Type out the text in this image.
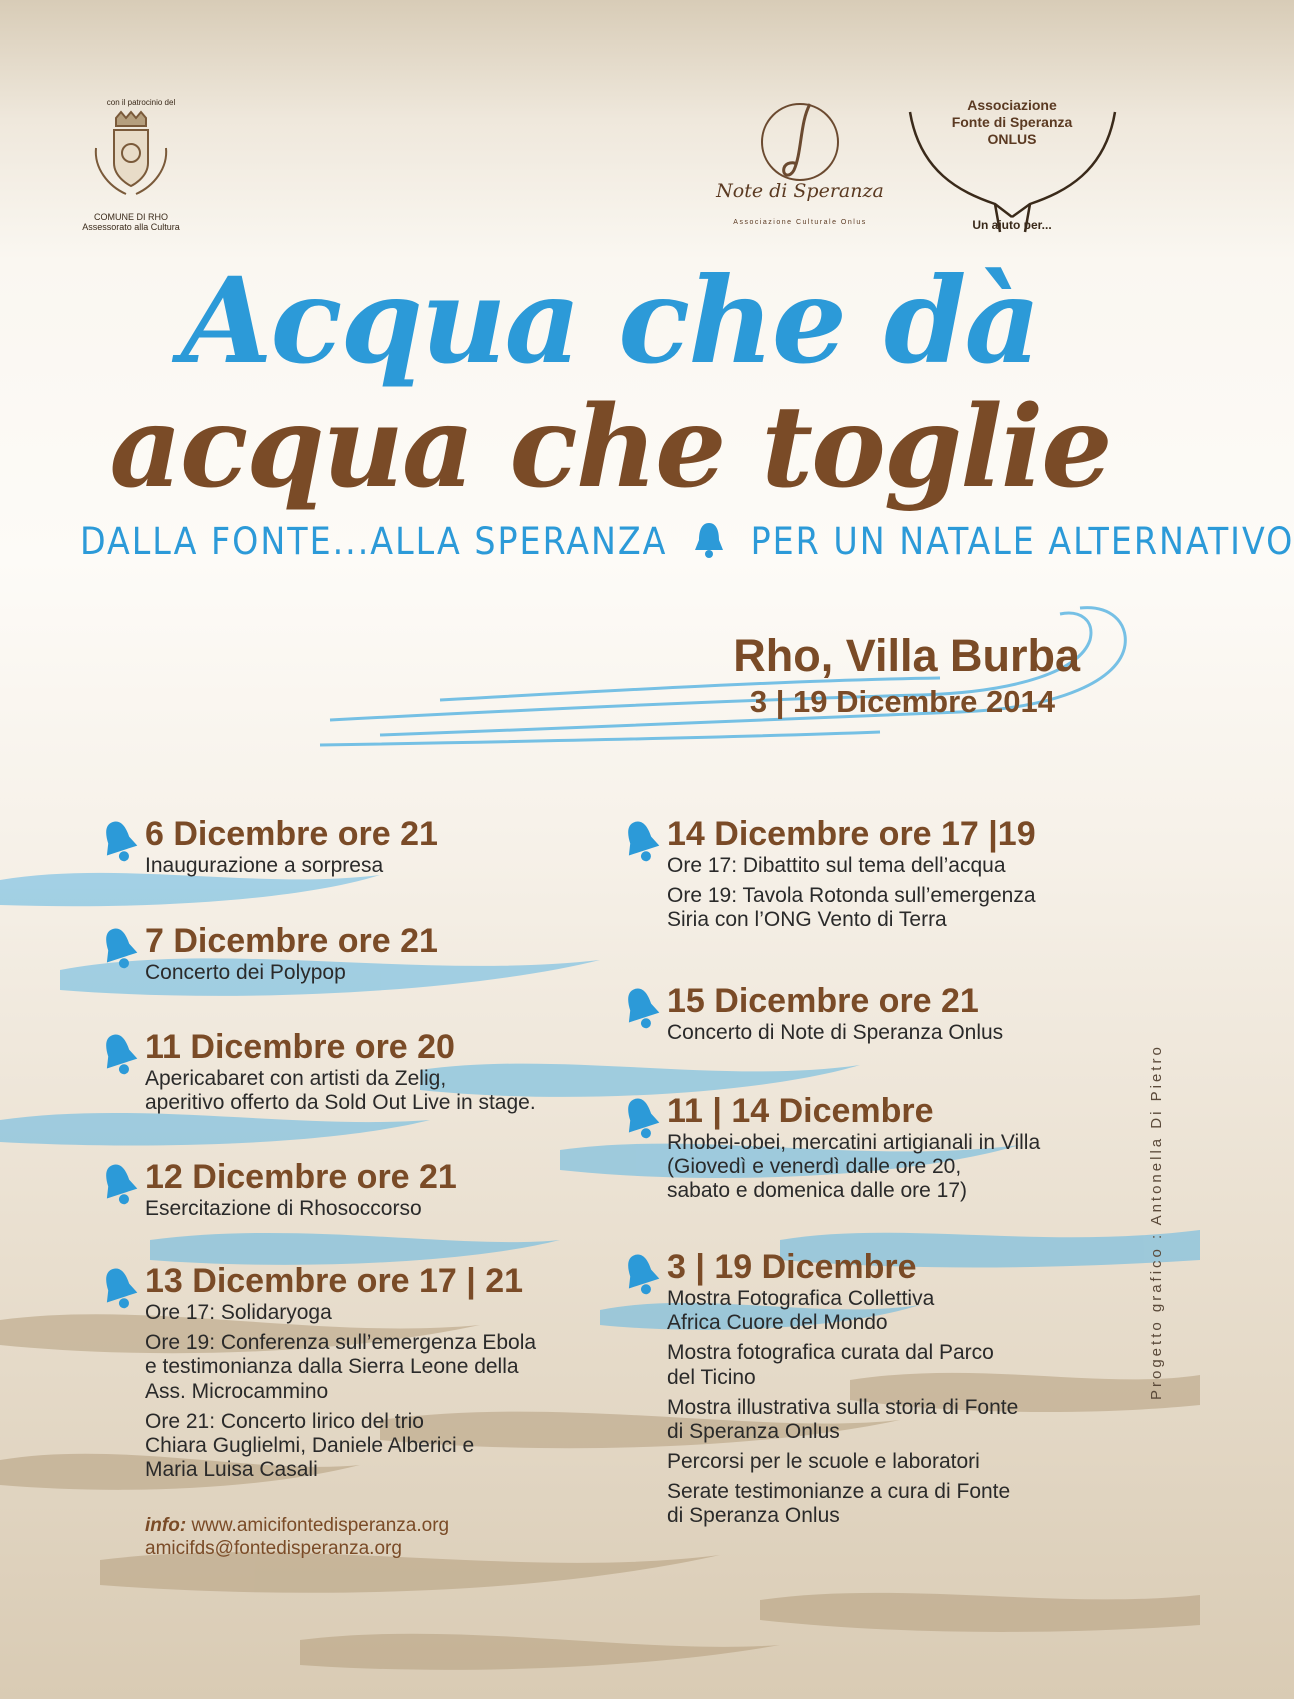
con il patrocinio del
COMUNE DI RHO
Assessorato alla Cultura
Note di Speranza
Associazione Culturale Onlus
Associazione
Fonte di Speranza
ONLUS
Un aiuto per...
Acqua che dà
acqua che toglie
DALLA FONTE...ALLA SPERANZA PER UN NATALE ALTERNATIVO
Rho, Villa Burba
3 | 19 Dicembre 2014
6 Dicembre ore 21

Inaugurazione a sorpresa

7 Dicembre ore 21

Concerto dei Polypop

11 Dicembre ore 20

Apericabaret con artisti da Zelig,

aperitivo offerto da Sold Out Live in stage.

12 Dicembre ore 21

Esercitazione di Rhosoccorso

13 Dicembre ore 17 | 21

Ore 17: Solidaryoga

Ore 19: Conferenza sull’emergenza Ebola

e testimonianza dalla Sierra Leone della

Ass. Microcammino

Ore 21: Concerto lirico del trio

Chiara Guglielmi, Daniele Alberici e

Maria Luisa Casali

14 Dicembre ore 17 |19

Ore 17: Dibattito sul tema dell’acqua

Ore 19: Tavola Rotonda sull’emergenza

Siria con l’ONG Vento di Terra

15 Dicembre ore 21

Concerto di Note di Speranza Onlus

11 | 14 Dicembre

Rhobei-obei, mercatini artigianali in Villa

(Giovedì e venerdì dalle ore 20,

sabato e domenica dalle ore 17)

3 | 19 Dicembre

Mostra Fotografica Collettiva

Africa Cuore del Mondo

Mostra fotografica curata dal Parco

del Ticino

Mostra illustrativa sulla storia di Fonte

di Speranza Onlus

Percorsi per le scuole e laboratori

Serate testimonianze a cura di Fonte

di Speranza Onlus

info: www.amicifontedisperanza.org
amicifds@fontedisperanza.org
Progetto grafico : Antonella Di Pietro
